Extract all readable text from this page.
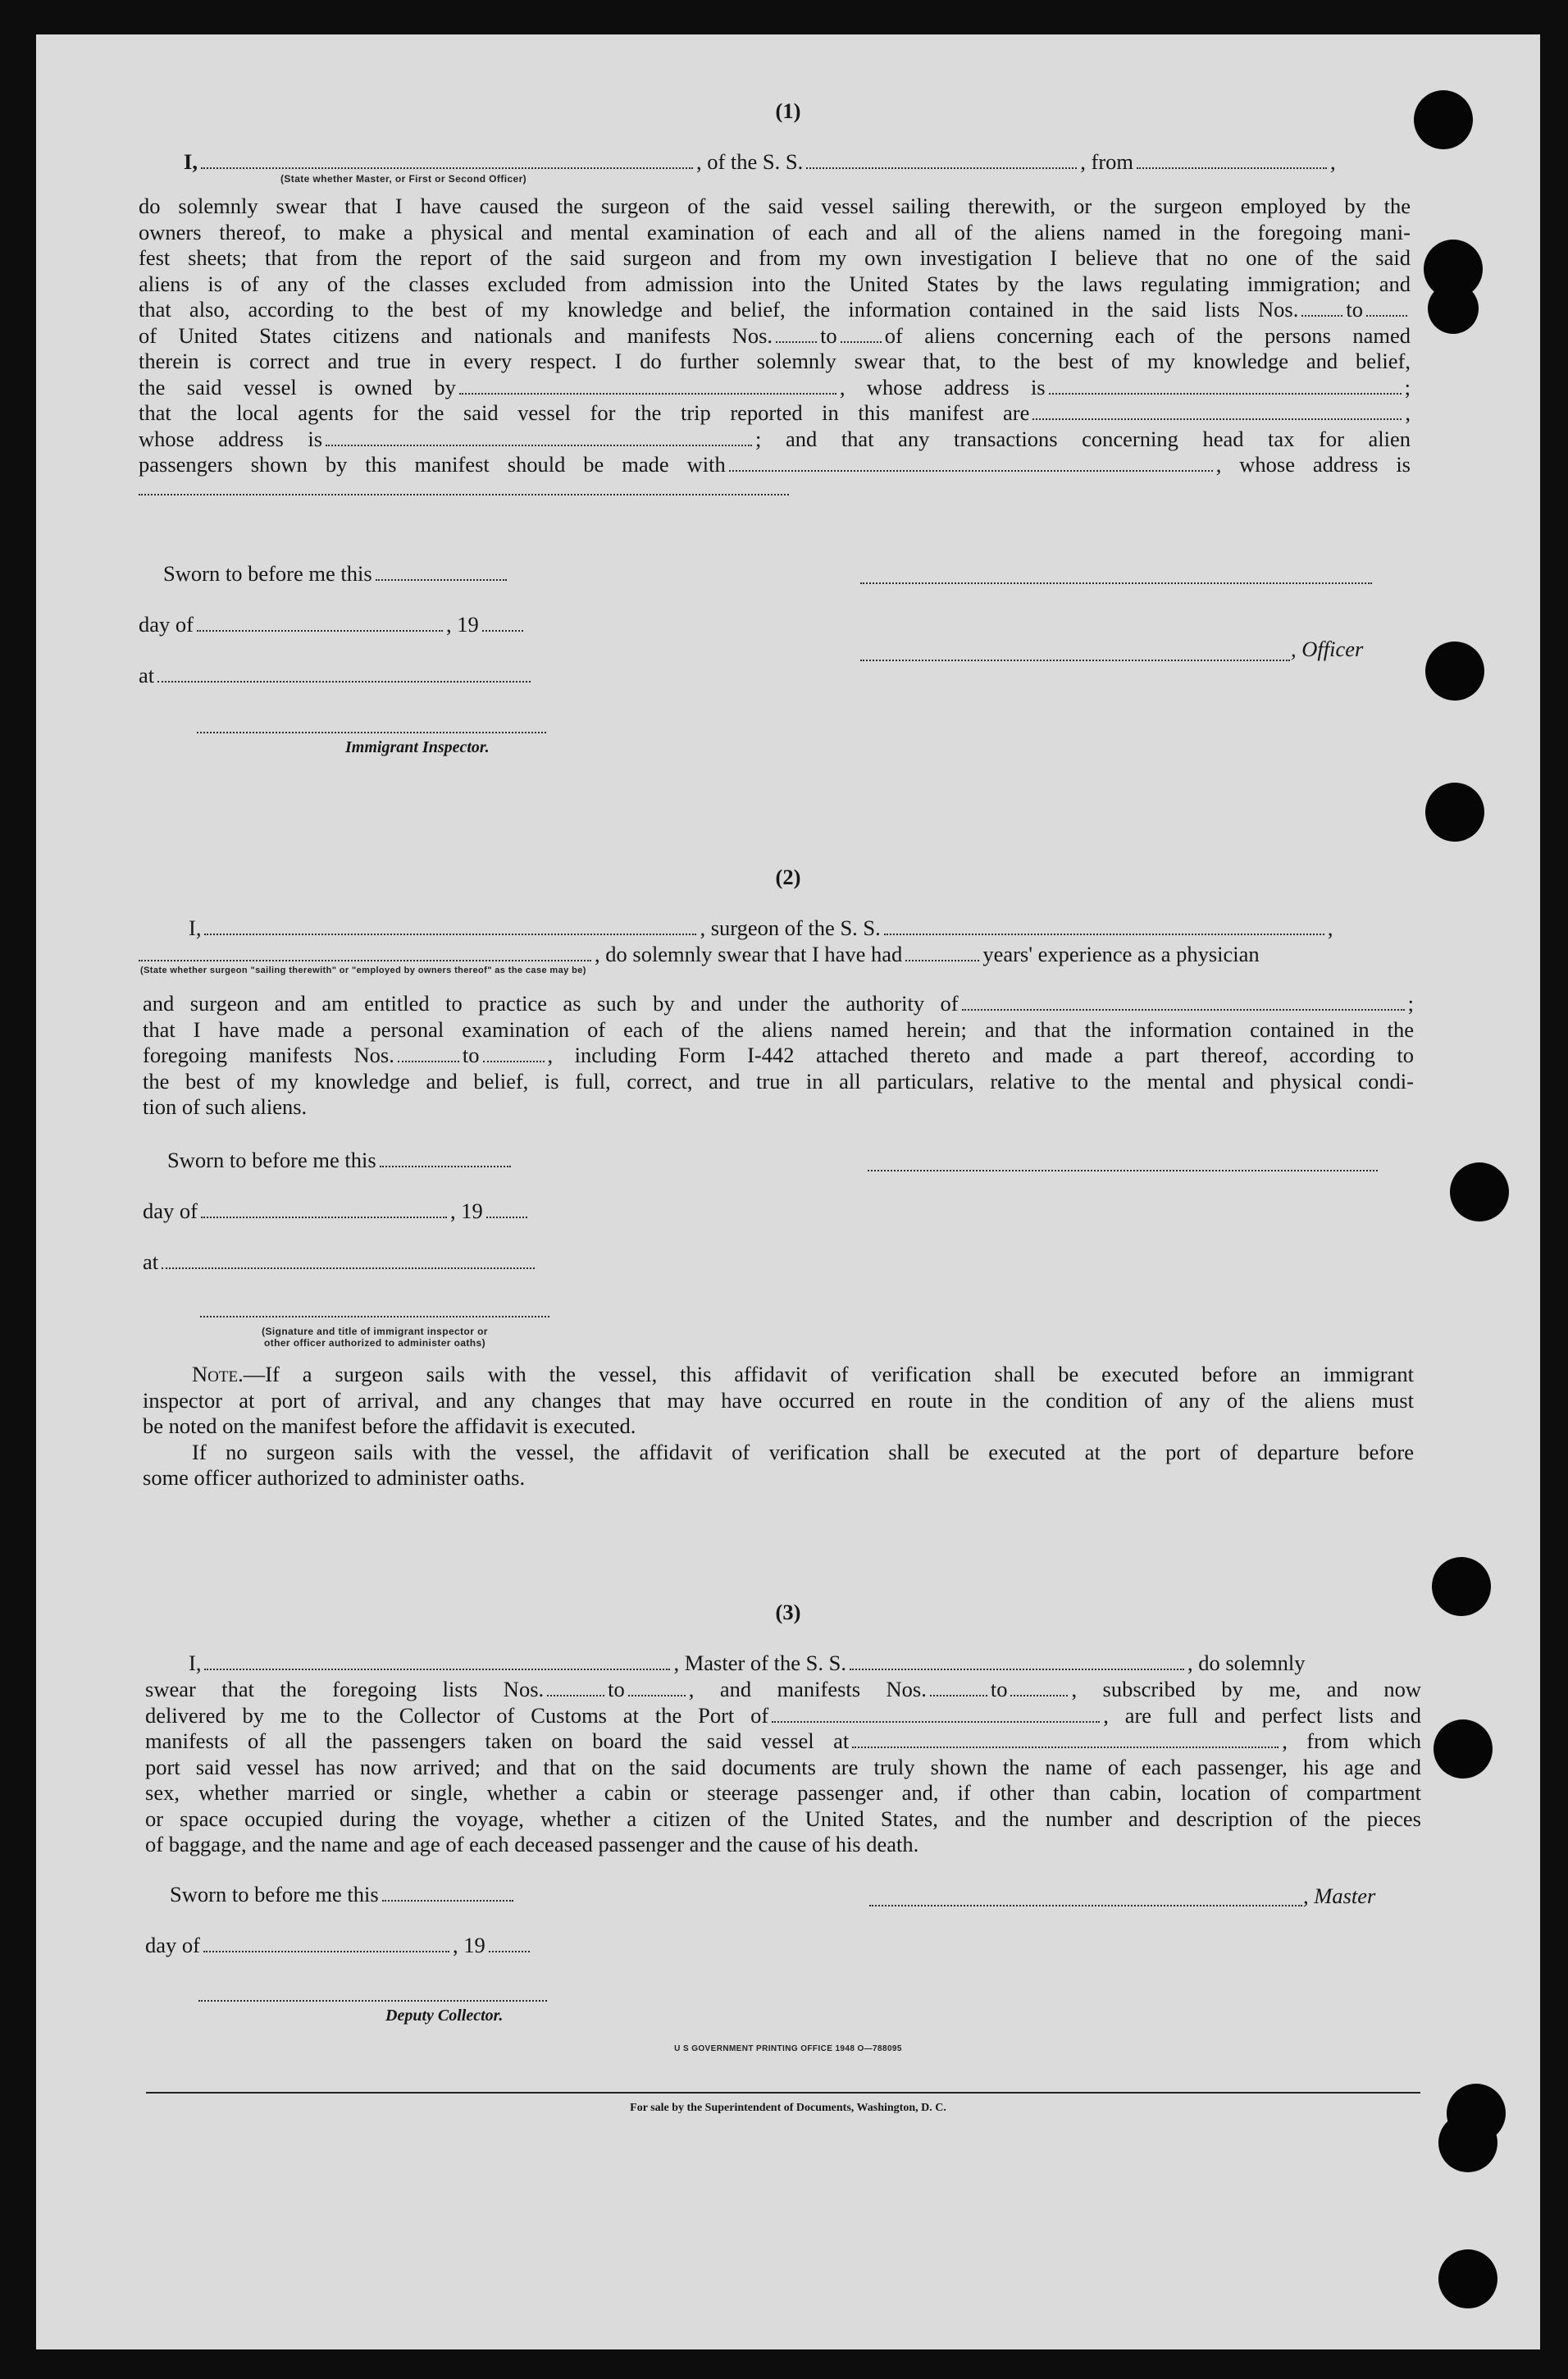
(1)
I,	, of the S. S.	, from	,
(State whether Master, or First or Second Officer)
do solemnly swear that I have caused the surgeon of the said vessel sailing therewith, or the surgeon employed by the
owners thereof, to make a physical and mental examination of each and all of the aliens named in the foregoing mani-
fest sheets; that from the report of the said surgeon and from my own investigation I believe that no one of the said
aliens is of any of the classes excluded from admission into the United States by the laws regulating immigration; and
that also, according to the best of my knowledge and belief, the information contained in the said lists Nos. to
of United States citizens and nationals and manifests Nos. to of aliens concerning each of the persons named
therein is correct and true in every respect. I do further solemnly swear that, to the best of my knowledge and belief,
the said vessel is owned by	, whose address is	;
that the local agents for the said vessel for the trip reported in this manifest are	,
whose address is	; and that any transactions concerning head tax for alien
passengers shown by this manifest should be made with	, whose address is
Sworn to before me this
day of	, 19
, Officer
at
Immigrant Inspector.
(2)
I,	, surgeon of the S. S.	,
, do solemnly swear that I have had	years' experience as a physician
(State whether surgeon "sailing therewith" or "employed by owners thereof" as the case may be)
and surgeon and am entitled to practice as such by and under the authority of	;
that I have made a personal examination of each of the aliens named herein; and that the information contained in the
foregoing manifests Nos.	to	, including Form I-442 attached thereto and made a part thereof, according to
the best of my knowledge and belief, is full, correct, and true in all particulars, relative to the mental and physical condi-
tion of such aliens.
Sworn to before me this
day of	, 19
at
(Signature and title of immigrant inspector or
other officer authorized to administer oaths)
Note.—If a surgeon sails with the vessel, this affidavit of verification shall be executed before an immigrant
inspector at port of arrival, and any changes that may have occurred en route in the condition of any of the aliens must
be noted on the manifest before the affidavit is executed.
If no surgeon sails with the vessel, the affidavit of verification shall be executed at the port of departure before
some officer authorized to administer oaths.
(3)
I,	, Master of the S. S.	, do solemnly
swear that the foregoing lists Nos.	to	, and manifests Nos.	to	, subscribed by me, and now
delivered by me to the Collector of Customs at the Port of	, are full and perfect lists and
manifests of all the passengers taken on board the said vessel at	, from which
port said vessel has now arrived; and that on the said documents are truly shown the name of each passenger, his age and
sex, whether married or single, whether a cabin or steerage passenger and, if other than cabin, location of compartment
or space occupied during the voyage, whether a citizen of the United States, and the number and description of the pieces
of baggage, and the name and age of each deceased passenger and the cause of his death.
Sworn to before me this	, Master
day of	, 19
Deputy Collector.
U S GOVERNMENT PRINTING OFFICE 1948 O—788095
For sale by the Superintendent of Documents, Washington, D. C.
